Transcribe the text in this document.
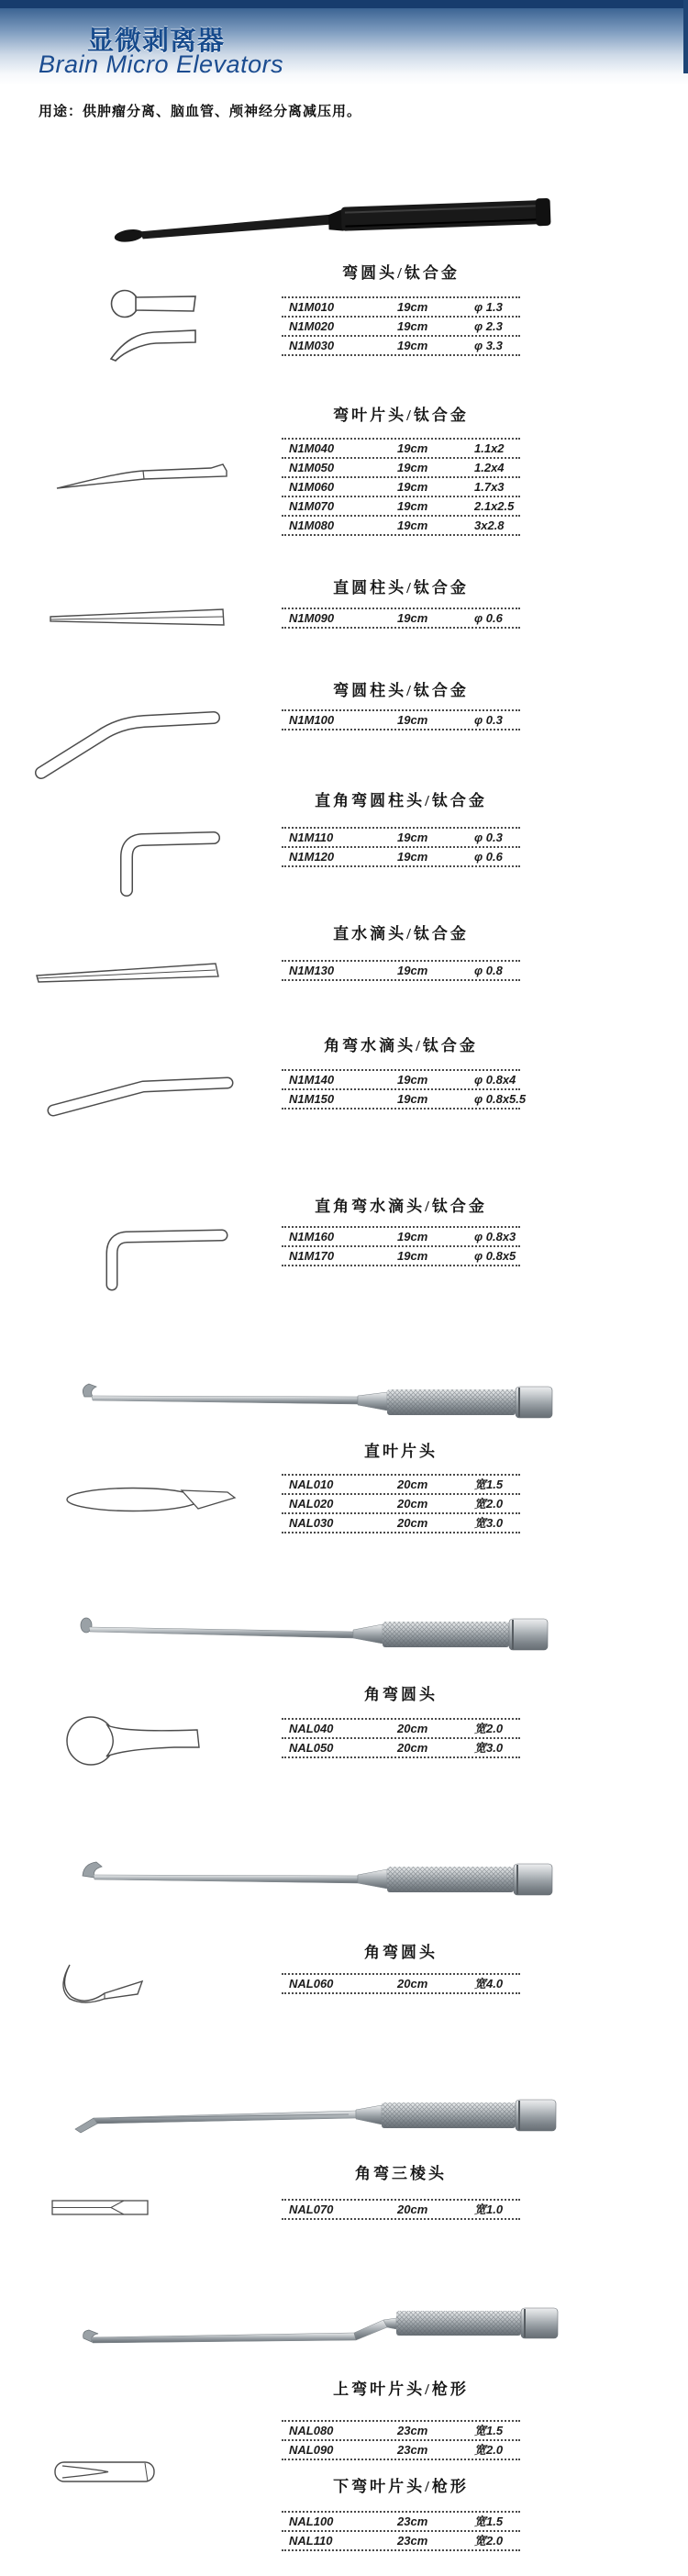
显微剥离器
Brain Micro Elevators
用途：供肿瘤分离、脑血管、颅神经分离减压用。
弯圆头/钛合金
弯叶片头/钛合金
直圆柱头/钛合金
弯圆柱头/钛合金
直角弯圆柱头/钛合金
直水滴头/钛合金
角弯水滴头/钛合金
直角弯水滴头/钛合金
直叶片头
角弯圆头
角弯圆头
角弯三棱头
上弯叶片头/枪形
下弯叶片头/枪形
N1M010	19cm	φ 1.3
N1M020	19cm	φ 2.3
N1M030	19cm	φ 3.3
N1M040	19cm	1.1x2
N1M050	19cm	1.2x4
N1M060	19cm	1.7x3
N1M070	19cm	2.1x2.5
N1M080	19cm	3x2.8
N1M090	19cm	φ 0.6
N1M100	19cm	φ 0.3
N1M110	19cm	φ 0.3
N1M120	19cm	φ 0.6
N1M130	19cm	φ 0.8
N1M140	19cm	φ 0.8x4
N1M150	19cm	φ 0.8x5.5
N1M160	19cm	φ 0.8x3
N1M170	19cm	φ 0.8x5
NAL010	20cm	宽1.5
NAL020	20cm	宽2.0
NAL030	20cm	宽3.0
NAL040	20cm	宽2.0
NAL050	20cm	宽3.0
NAL060	20cm	宽4.0
NAL070	20cm	宽1.0
NAL080	23cm	宽1.5
NAL090	23cm	宽2.0
NAL100	23cm	宽1.5
NAL110	23cm	宽2.0
